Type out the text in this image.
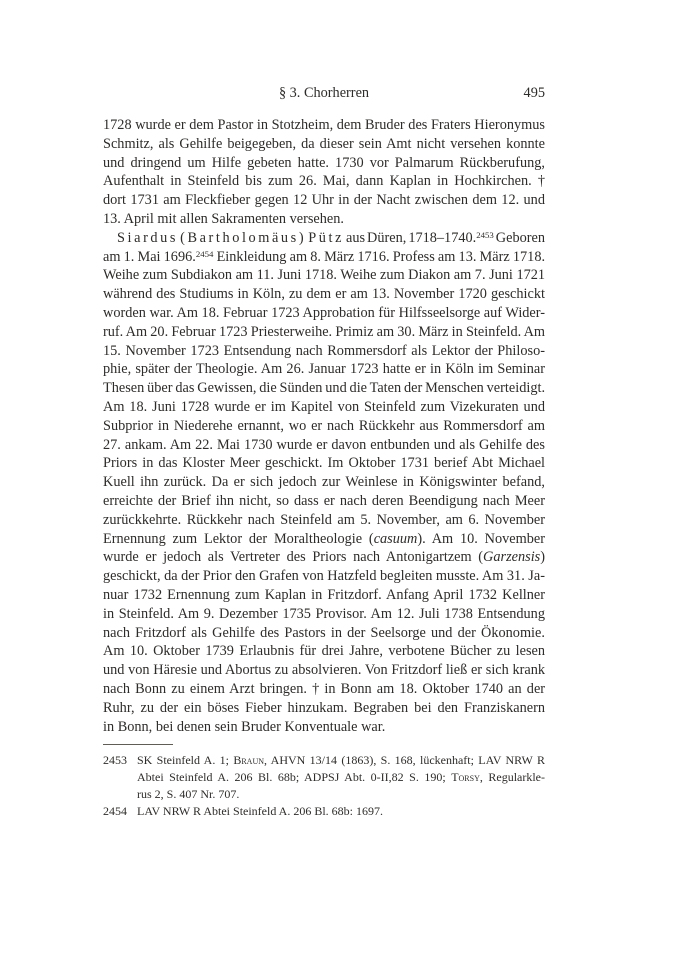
§ 3. Chorherren	495
1728 wurde er dem Pastor in Stotzheim, dem Bruder des Fraters Hieronymus
Schmitz, als Gehilfe beigegeben, da dieser sein Amt nicht versehen konnte
und dringend um Hilfe gebeten hatte. 1730 vor Palmarum Rückberufung,
Aufenthalt in Steinfeld bis zum 26. Mai, dann Kaplan in Hochkirchen. †
dort 1731 am Fleckfieber gegen 12 Uhr in der Nacht zwischen dem 12. und
13. April mit allen Sakramenten versehen.
Siardus (Bartholomäus) Pütz aus Düren, 1718–1740.$^{2453}$ Geboren
am 1. Mai 1696.$^{2454}$ Einkleidung am 8. März 1716. Profess am 13. März 1718.
Weihe zum Subdiakon am 11. Juni 1718. Weihe zum Diakon am 7. Juni 1721
während des Studiums in Köln, zu dem er am 13. November 1720 geschickt
worden war. Am 18. Februar 1723 Approbation für Hilfsseelsorge auf Wider-
ruf. Am 20. Februar 1723 Priesterweihe. Primiz am 30. März in Steinfeld. Am
15. November 1723 Entsendung nach Rommersdorf als Lektor der Philoso-
phie, später der Theologie. Am 26. Januar 1723 hatte er in Köln im Seminar
Thesen über das Gewissen, die Sünden und die Taten der Menschen verteidigt.
Am 18. Juni 1728 wurde er im Kapitel von Steinfeld zum Vizekuraten und
Subprior in Niederehe ernannt, wo er nach Rückkehr aus Rommersdorf am
27. ankam. Am 22. Mai 1730 wurde er davon entbunden und als Gehilfe des
Priors in das Kloster Meer geschickt. Im Oktober 1731 berief Abt Michael
Kuell ihn zurück. Da er sich jedoch zur Weinlese in Königswinter befand,
erreichte der Brief ihn nicht, so dass er nach deren Beendigung nach Meer
zurückkehrte. Rückkehr nach Steinfeld am 5. November, am 6. November
Ernennung zum Lektor der Moraltheologie (casuum). Am 10. November
wurde er jedoch als Vertreter des Priors nach Antonigartzem (Garzensis)
geschickt, da der Prior den Grafen von Hatzfeld begleiten musste. Am 31. Ja-
nuar 1732 Ernennung zum Kaplan in Fritzdorf. Anfang April 1732 Kellner
in Steinfeld. Am 9. Dezember 1735 Provisor. Am 12. Juli 1738 Entsendung
nach Fritzdorf als Gehilfe des Pastors in der Seelsorge und der Ökonomie.
Am 10. Oktober 1739 Erlaubnis für drei Jahre, verbotene Bücher zu lesen
und von Häresie und Abortus zu absolvieren. Von Fritzdorf ließ er sich krank
nach Bonn zu einem Arzt bringen. † in Bonn am 18. Oktober 1740 an der
Ruhr, zu der ein böses Fieber hinzukam. Begraben bei den Franziskanern
in Bonn, bei denen sein Bruder Konventuale war.
2453 SK Steinfeld A. 1; Braun, AHVN 13/14 (1863), S. 168, lückenhaft; LAV NRW R
Abtei Steinfeld A. 206 Bl. 68b; ADPSJ Abt. 0-II,82 S. 190; Torsy, Regularkle-
rus 2, S. 407 Nr. 707.
2454 LAV NRW R Abtei Steinfeld A. 206 Bl. 68b: 1697.
